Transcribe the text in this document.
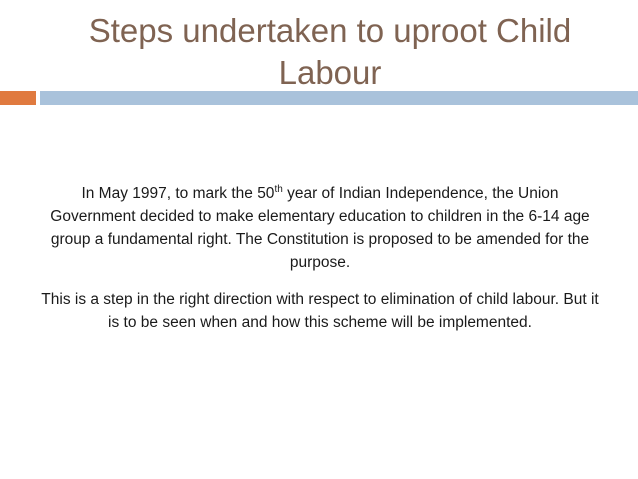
Steps undertaken to uproot Child
Labour

In May 1997, to mark the 50th year of Indian Independence, the Union Government decided to make elementary education to children in the 6-14 age group a fundamental right. The Constitution is proposed to be amended for the purpose.

This is a step in the right direction with respect to elimination of child labour. But it is to be seen when and how this scheme will be implemented.
